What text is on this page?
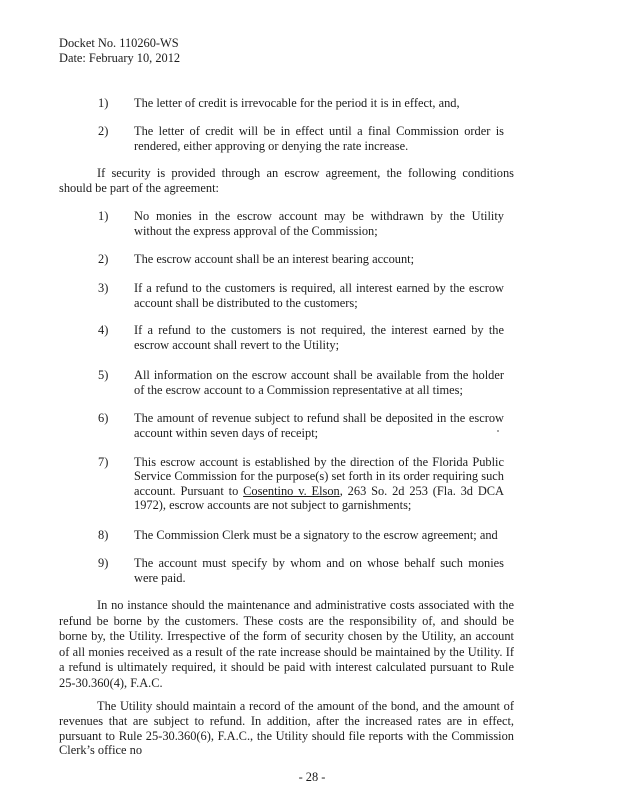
Docket No. 110260-WS
Date: February 10, 2012
1) The letter of credit is irrevocable for the period it is in effect, and,
2) The letter of credit will be in effect until a final Commission order is rendered, either approving or denying the rate increase.
If security is provided through an escrow agreement, the following conditions should be part of the agreement:
1) No monies in the escrow account may be withdrawn by the Utility without the express approval of the Commission;
2) The escrow account shall be an interest bearing account;
3) If a refund to the customers is required, all interest earned by the escrow account shall be distributed to the customers;
4) If a refund to the customers is not required, the interest earned by the escrow account shall revert to the Utility;
5) All information on the escrow account shall be available from the holder of the escrow account to a Commission representative at all times;
6) The amount of revenue subject to refund shall be deposited in the escrow account within seven days of receipt;
7) This escrow account is established by the direction of the Florida Public Service Commission for the purpose(s) set forth in its order requiring such account. Pursuant to Cosentino v. Elson, 263 So. 2d 253 (Fla. 3d DCA 1972), escrow accounts are not subject to garnishments;
8) The Commission Clerk must be a signatory to the escrow agreement; and
9) The account must specify by whom and on whose behalf such monies were paid.
In no instance should the maintenance and administrative costs associated with the refund be borne by the customers. These costs are the responsibility of, and should be borne by, the Utility. Irrespective of the form of security chosen by the Utility, an account of all monies received as a result of the rate increase should be maintained by the Utility. If a refund is ultimately required, it should be paid with interest calculated pursuant to Rule 25-30.360(4), F.A.C.
The Utility should maintain a record of the amount of the bond, and the amount of revenues that are subject to refund. In addition, after the increased rates are in effect, pursuant to Rule 25-30.360(6), F.A.C., the Utility should file reports with the Commission Clerk’s office no
- 28 -
